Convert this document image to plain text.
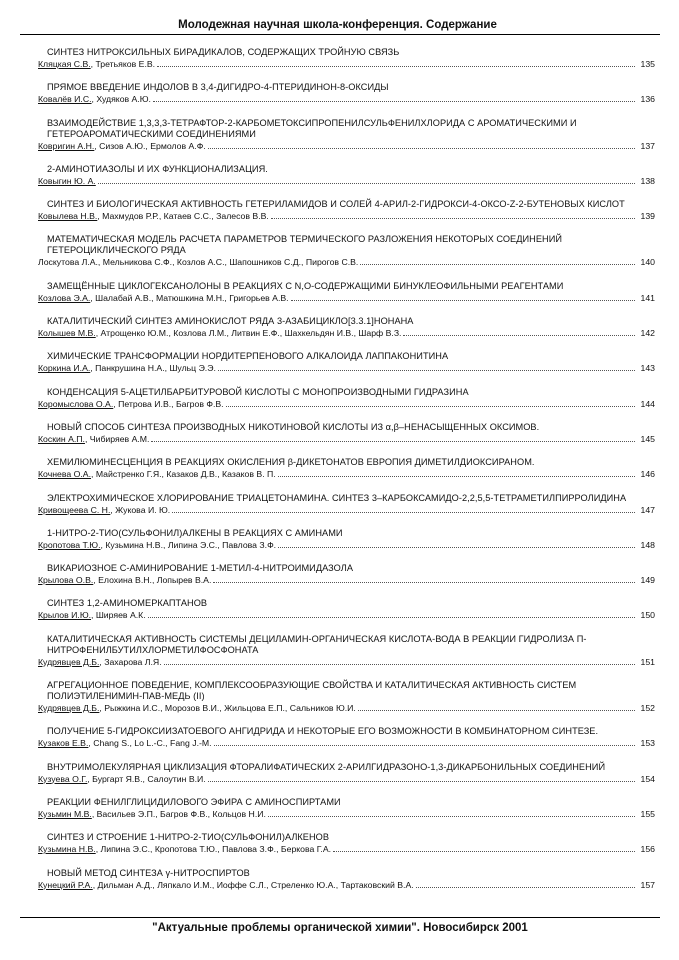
Молодежная научная школа-конференция. Содержание
СИНТЕЗ НИТРОКСИЛЬНЫХ БИРАДИКАЛОВ, СОДЕРЖАЩИХ ТРОЙНУЮ СВЯЗЬ
Кляцкая С.В., Третьяков Е.В.	135
ПРЯМОЕ ВВЕДЕНИЕ ИНДОЛОВ В 3,4-ДИГИДРО-4-ПТЕРИДИНОН-8-ОКСИДЫ
Ковалёв И.С., Худяков А.Ю.	136
ВЗАИМОДЕЙСТВИЕ 1,3,3,3-ТЕТРАФТОР-2-КАРБОМЕТОКСИПРОПЕНИЛСУЛЬФЕНИЛХЛОРИДА С АРОМАТИЧЕСКИМИ И ГЕТЕРОАРОМАТИЧЕСКИМИ СОЕДИНЕНИЯМИ
Ковригин А.Н., Сизов А.Ю., Ермолов А.Ф.	137
2-АМИНОТИАЗОЛЫ И ИХ ФУНКЦИОНАЛИЗАЦИЯ.
Ковыгин Ю. А.	138
СИНТЕЗ И БИОЛОГИЧЕСКАЯ АКТИВНОСТЬ ГЕТЕРИЛАМИДОВ И СОЛЕЙ 4-АРИЛ-2-ГИДРОКСИ-4-ОКСО-Z-2-БУТЕНОВЫХ КИСЛОТ
Ковылева Н.В., Махмудов Р.Р., Катаев С.С., Залесов В.В.	139
МАТЕМАТИЧЕСКАЯ МОДЕЛЬ РАСЧЕТА ПАРАМЕТРОВ ТЕРМИЧЕСКОГО РАЗЛОЖЕНИЯ НЕКОТОРЫХ СОЕДИНЕНИЙ ГЕТЕРОЦИКЛИЧЕСКОГО РЯДА
Лоскутова Л.А., Мельникова С.Ф., Козлов А.С., Шапошников С.Д., Пирогов С.В.	140
ЗАМЕЩЁННЫЕ ЦИКЛОГЕКСАНОЛОНЫ В РЕАКЦИЯХ С N,O-СОДЕРЖАЩИМИ БИНУКЛЕОФИЛЬНЫМИ РЕАГЕНТАМИ
Козлова Э.А., Шалабай А.В., Матюшкина М.Н., Григорьев А.В.	141
КАТАЛИТИЧЕСКИЙ СИНТЕЗ АМИНОКИСЛОТ РЯДА 3-АЗАБИЦИКЛО[3.3.1]НОНАНА
Колышев М.В., Атрощенко Ю.М., Козлова Л.М., Литвин Е.Ф., Шахкельдян И.В., Шарф В.З.	142
ХИМИЧЕСКИЕ ТРАНСФОРМАЦИИ НОРДИТЕРПЕНОВОГО АЛКАЛОИДА ЛАППАКОНИТИНА
Коркина И.А., Панкрушина Н.А., Шульц Э.Э.	143
КОНДЕНСАЦИЯ 5-АЦЕТИЛБАРБИТУРОВОЙ КИСЛОТЫ С МОНОПРОИЗВОДНЫМИ ГИДРАЗИНА
Коромыслова О.А., Петрова И.В., Багров Ф.В.	144
НОВЫЙ СПОСОБ СИНТЕЗА ПРОИЗВОДНЫХ НИКОТИНОВОЙ КИСЛОТЫ ИЗ α,β–НЕНАСЫЩЕННЫХ ОКСИМОВ.
Коскин А.П., Чибиряев А.М.	145
ХЕМИЛЮМИНЕСЦЕНЦИЯ В РЕАКЦИЯХ ОКИСЛЕНИЯ β-ДИКЕТОНАТОВ ЕВРОПИЯ ДИМЕТИЛДИОКСИРАНОМ.
Кочнева О.А., Майстренко Г.Я., Казаков Д.В., Казаков В. П.	146
ЭЛЕКТРОХИМИЧЕСКОЕ ХЛОРИРОВАНИЕ ТРИАЦЕТОНАМИНА. СИНТЕЗ 3–КАРБОКСАМИДО-2,2,5,5-ТЕТРАМЕТИЛПИРРОЛИДИНА
Кривощеева С. Н., Жукова И. Ю.	147
1-НИТРО-2-ТИО(СУЛЬФОНИЛ)АЛКЕНЫ В РЕАКЦИЯХ С АМИНАМИ
Кропотова Т.Ю., Кузьмина Н.В., Липина Э.С., Павлова З.Ф.	148
ВИКАРИОЗНОЕ С-АМИНИРОВАНИЕ 1-МЕТИЛ-4-НИТРОИМИДАЗОЛА
Крылова О.В., Елохина В.Н., Лопырев В.А.	149
СИНТЕЗ 1,2-АМИНОМЕРКАПТАНОВ
Крылов И.Ю., Ширяев А.К.	150
КАТАЛИТИЧЕСКАЯ АКТИВНОСТЬ СИСТЕМЫ ДЕЦИЛАМИН-ОРГАНИЧЕСКАЯ КИСЛОТА-ВОДА В РЕАКЦИИ ГИДРОЛИЗА П-НИТРОФЕНИЛБУТИЛХЛОРМЕТИЛФОСФОНАТА
Кудрявцев Д.Б., Захарова Л.Я.	151
АГРЕГАЦИОННОЕ ПОВЕДЕНИЕ, КОМПЛЕКСООБРАЗУЮЩИЕ СВОЙСТВА И КАТАЛИТИЧЕСКАЯ АКТИВНОСТЬ СИСТЕМ ПОЛИЭТИЛЕНИМИН-ПАВ-МЕДЬ (II)
Кудрявцев Д.Б., Рыжкина И.С., Морозов В.И., Жильцова Е.П., Сальников Ю.И.	152
ПОЛУЧЕНИЕ 5-ГИДРОКСИИЗАТОЕВОГО АНГИДРИДА И НЕКОТОРЫЕ ЕГО ВОЗМОЖНОСТИ В КОМБИНАТОРНОМ СИНТЕЗЕ.
Кузаков Е.В., Chang S., Lo L.-C., Fang J.-M.	153
ВНУТРИМОЛЕКУЛЯРНАЯ ЦИКЛИЗАЦИЯ ФТОРАЛИФАТИЧЕСКИХ 2-АРИЛГИДРАЗОНО-1,3-ДИКАРБОНИЛЬНЫХ СОЕДИНЕНИЙ
Кузуева О.Г., Бургарт Я.В., Салоутин В.И.	154
РЕАКЦИИ ФЕНИЛГЛИЦИДИЛОВОГО ЭФИРА С АМИНОСПИРТАМИ
Кузьмин М.В., Васильев Э.П., Багров Ф.В., Кольцов Н.И.	155
СИНТЕЗ И СТРОЕНИЕ 1-НИТРО-2-ТИО(СУЛЬФОНИЛ)АЛКЕНОВ
Кузьмина Н.В., Липина Э.С., Кропотова Т.Ю., Павлова З.Ф., Беркова Г.А.	156
НОВЫЙ МЕТОД СИНТЕЗА γ-НИТРОСПИРТОВ
Кунецкий Р.А., Дильман А.Д., Ляпкало И.М., Иоффе С.Л., Стреленко Ю.А., Тартаковский В.А.	157
"Актуальные проблемы органической химии". Новосибирск 2001
